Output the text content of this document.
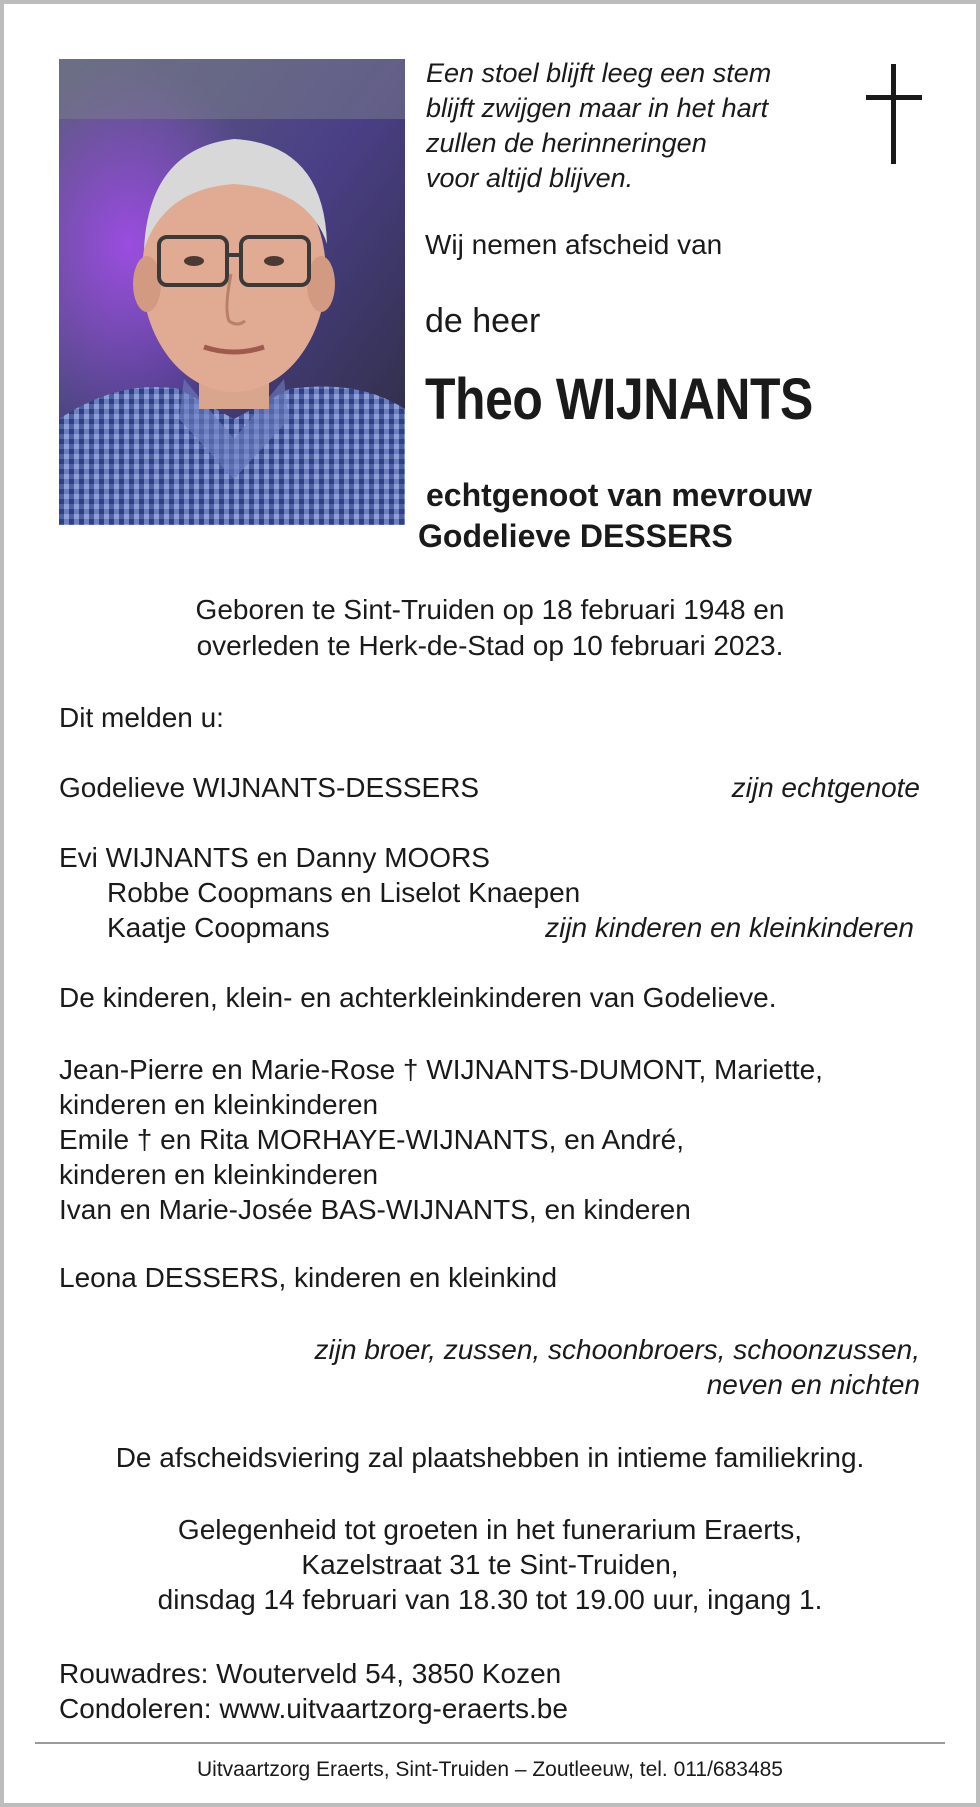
Een stoel blijft leeg een stem
blijft zwijgen maar in het hart
zullen de herinneringen
voor altijd blijven.
Wij nemen afscheid van
de heer
Theo WIJNANTS
echtgenoot van mevrouw
Godelieve DESSERS
Geboren te Sint-Truiden op 18 februari 1948 en
overleden te Herk-de-Stad op 10 februari 2023.
Dit melden u:
Godelieve WIJNANTS-DESSERS	zijn echtgenote
Evi WIJNANTS en Danny MOORS
Robbe Coopmans en Liselot Knaepen
Kaatje Coopmans	zijn kinderen en kleinkinderen
De kinderen, klein- en achterkleinkinderen van Godelieve.
Jean-Pierre en Marie-Rose † WIJNANTS-DUMONT, Mariette,
kinderen en kleinkinderen
Emile † en Rita MORHAYE-WIJNANTS, en André,
kinderen en kleinkinderen
Ivan en Marie-Josée BAS-WIJNANTS, en kinderen
Leona DESSERS, kinderen en kleinkind
zijn broer, zussen, schoonbroers, schoonzussen,
neven en nichten
De afscheidsviering zal plaatshebben in intieme familiekring.
Gelegenheid tot groeten in het funerarium Eraerts,
Kazelstraat 31 te Sint-Truiden,
dinsdag 14 februari van 18.30 tot 19.00 uur, ingang 1.
Rouwadres: Wouterveld 54, 3850 Kozen
Condoleren: www.uitvaartzorg-eraerts.be
Uitvaartzorg Eraerts, Sint-Truiden – Zoutleeuw, tel. 011/683485
